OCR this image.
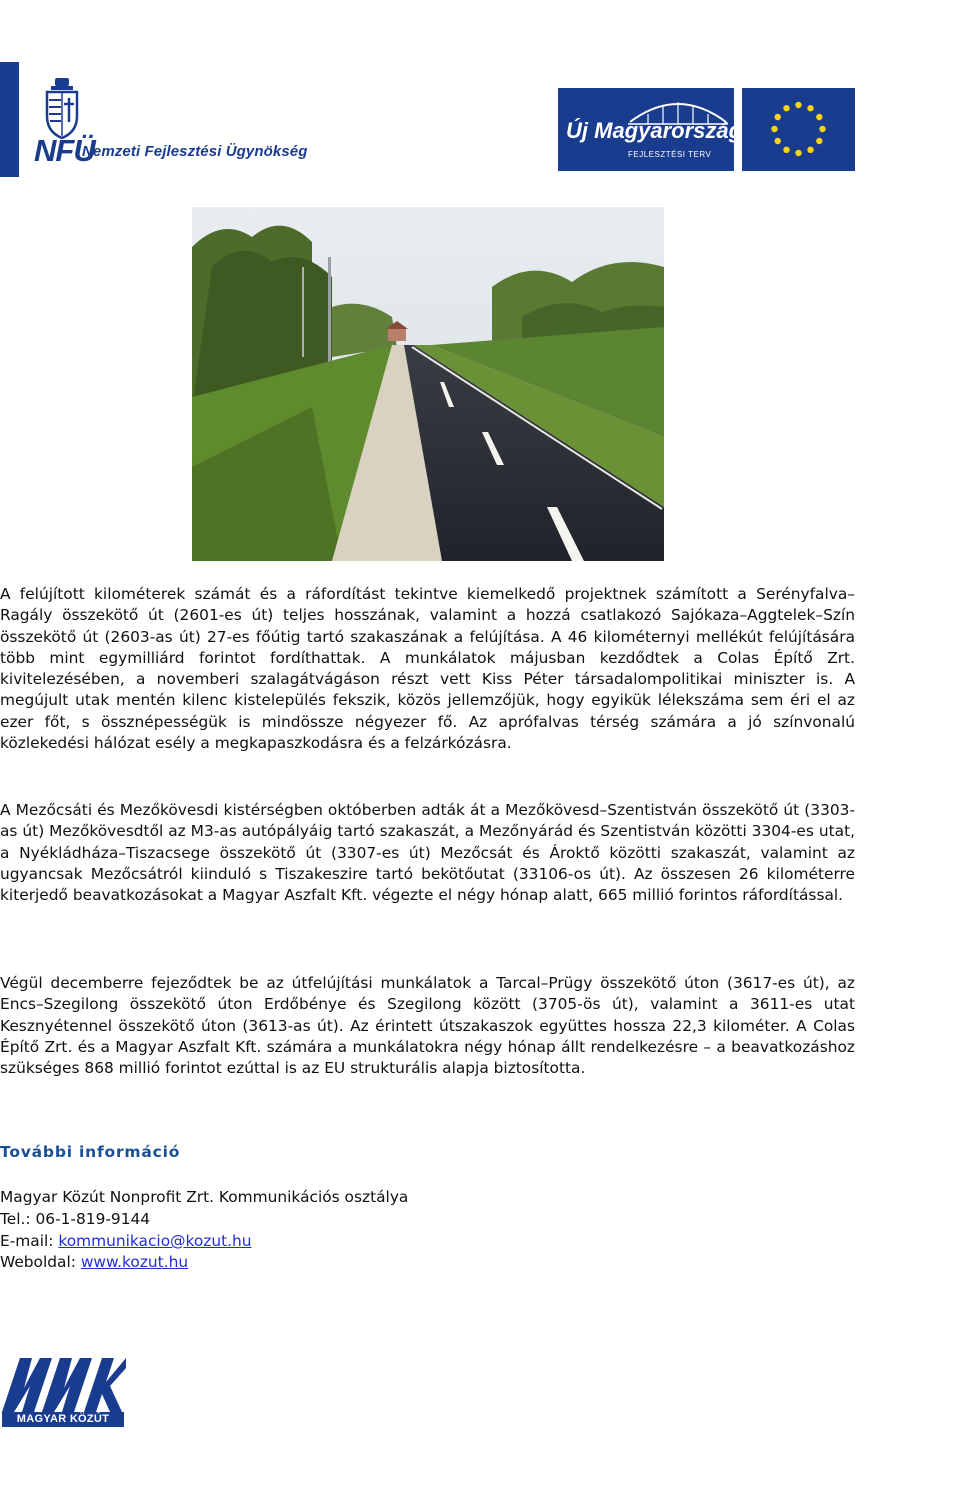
NFÜ
Nemzeti Fejlesztési Ügynökség
Új Magyarország
FEJLESZTÉSI TERV

A felújított kilométerek számát és a ráfordítást tekintve kiemelkedő projektnek számított a Serényfalva–Ragály összekötő út (2601-es út) teljes hosszának, valamint a hozzá csatlakozó Sajókaza–Aggtelek–Szín összekötő út (2603-as út) 27-es főútig tartó szakaszának a felújítása. A 46 kilométernyi mellékút felújítására több mint egymilliárd forintot fordíthattak. A munkálatok májusban kezdődtek a Colas Építő Zrt. kivitelezésében, a novemberi szalagátvágáson részt vett Kiss Péter társadalompolitikai miniszter is. A megújult utak mentén kilenc kistelepülés fekszik, közös jellemzőjük, hogy egyikük lélekszáma sem éri el az ezer főt, s össznépességük is mindössze négyezer fő. Az aprófalvas térség számára a jó színvonalú közlekedési hálózat esély a megkapaszkodásra és a felzárkózásra.

A Mezőcsáti és Mezőkövesdi kistérségben októberben adták át a Mezőkövesd–Szentistván összekötő út (3303-as út) Mezőkövesdtől az M3-as autópályáig tartó szakaszát, a Mezőnyárád és Szentistván közötti 3304-es utat, a Nyékládháza–Tiszacsege összekötő út (3307-es út) Mezőcsát és Ároktő közötti szakaszát, valamint az ugyancsak Mezőcsátról kiinduló s Tiszakeszire tartó bekötőutat (33106-os út). Az összesen 26 kilométerre kiterjedő beavatkozásokat a Magyar Aszfalt Kft. végezte el négy hónap alatt, 665 millió forintos ráfordítással.

Végül decemberre fejeződtek be az útfelújítási munkálatok a Tarcal–Prügy összekötő úton (3617-es út), az Encs–Szegilong összekötő úton Erdőbénye és Szegilong között (3705-ös út), valamint a 3611-es utat Kesznyétennel összekötő úton (3613-as út). Az érintett útszakaszok együttes hossza 22,3 kilométer. A Colas Építő Zrt. és a Magyar Aszfalt Kft. számára a munkálatokra négy hónap állt rendelkezésre – a beavatkozáshoz szükséges 868 millió forintot ezúttal is az EU strukturális alapja biztosította.

További információ
Magyar Közút Nonprofit Zrt. Kommunikációs osztálya
Tel.: 06-1-819-9144
E-mail: kommunikacio@kozut.hu
Weboldal: www.kozut.hu
MAGYAR KÖZÚT
